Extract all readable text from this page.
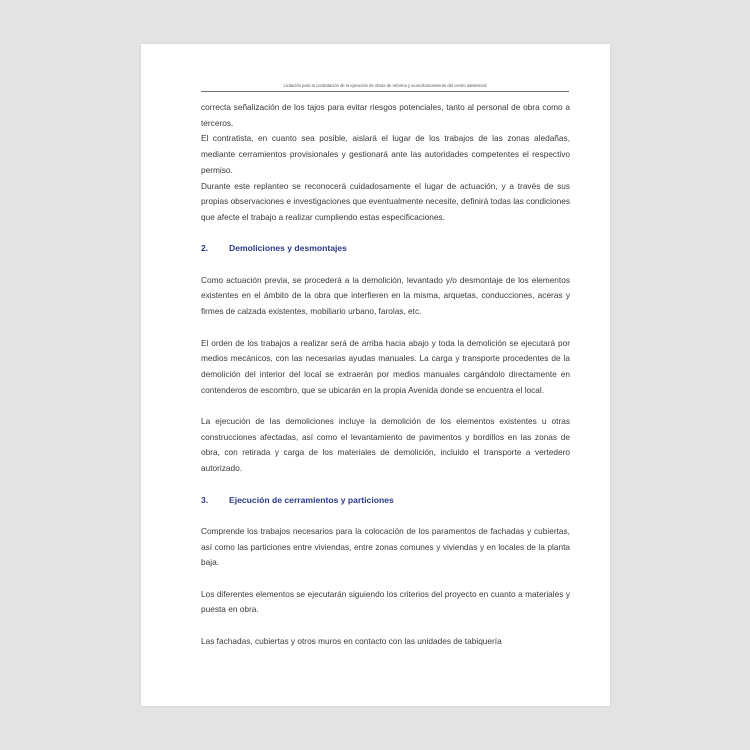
Licitación para la contratación de la ejecución de obras de reforma y acondicionamiento del centro asistencial

correcta señalización de los tajos para evitar riesgos potenciales, tanto al personal de obra como a terceros.

El contratista, en cuanto sea posible, aislará el lugar de los trabajos de las zonas aledañas, mediante cerramientos provisionales y gestionará ante las autoridades competentes el respectivo permiso.

Durante este replanteo se reconocerá cuidadosamente el lugar de actuación, y a través de sus propias observaciones e investigaciones que eventualmente necesite, definirá todas las condiciones que afecte el trabajo a realizar cumpliendo estas especificaciones.

2.	Demoliciones y desmontajes

Como actuación previa, se procederá a la demolición, levantado y/o desmontaje de los elementos existentes en el ámbito de la obra que interfieren en la misma, arquetas, conducciones, aceras y firmes de calzada existentes, mobiliario urbano, farolas, etc.

El orden de los trabajos a realizar será de arriba hacia abajo y toda la demolición se ejecutará por medios mecánicos, con las necesarias ayudas manuales. La carga y transporte procedentes de la demolición del interior del local se extraerán por medios manuales cargándolo directamente en contenderos de escombro, que se ubicarán en la propia Avenida donde se encuentra el local.

La ejecución de las demoliciones incluye la demolición de los elementos existentes u otras construcciones afectadas, así como el levantamiento de pavimentos y bordillos en las zonas de obra, con retirada y carga de los materiales de demolición, incluido el transporte a vertedero autorizado.

3.	Ejecución de cerramientos y particiones

Comprende los trabajos necesarios para la colocación de los paramentos de fachadas y cubiertas, así como las particiones entre viviendas, entre zonas comunes y viviendas y en locales de la planta baja.

Los diferentes elementos se ejecutarán siguiendo los criterios del proyecto en cuanto a materiales y puesta en obra.

Las fachadas, cubiertas y otros muros en contacto con las unidades de tabiquería
